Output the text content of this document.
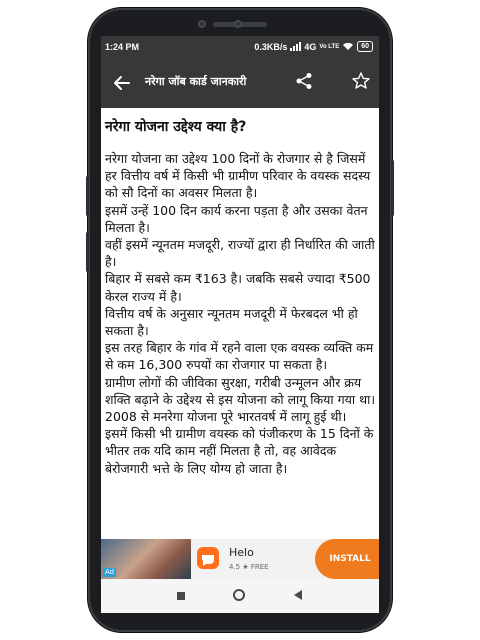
1:24 PM	0.3KB/s 4G Vo LTE	60
नरेगा जॉब कार्ड जानकारी
नरेगा योजना उद्देश्य क्या है?

नरेगा योजना का उद्देश्य 100 दिनों के रोजगार से है जिसमें हर वित्तीय वर्ष में किसी भी ग्रामीण परिवार के वयस्क सदस्य को सौ दिनों का अवसर मिलता है।

इसमें उन्हें 100 दिन कार्य करना पड़ता है और उसका वेतन मिलता है।

वहीं इसमें न्यूनतम मजदूरी, राज्यों द्वारा ही निर्धारित की जाती है।

बिहार में सबसे कम ₹163 है। जबकि सबसे ज्यादा ₹500 केरल राज्य में है।

वित्तीय वर्ष के अनुसार न्यूनतम मजदूरी में फेरबदल भी हो सकता है।

इस तरह बिहार के गांव में रहने वाला एक वयस्क व्यक्ति कम से कम 16,300 रुपयों का रोजगार पा सकता है।

ग्रामीण लोगों की जीविका सुरक्षा, गरीबी उन्मूलन और क्रय शक्ति बढ़ाने के उद्देश्य से इस योजना को लागू किया गया था।

2008 से मनरेगा योजना पूरे भारतवर्ष में लागू हुई थी।

इसमें किसी भी ग्रामीण वयस्क को पंजीकरण के 15 दिनों के भीतर तक यदि काम नहीं मिलता है तो, वह आवेदक बेरोजगारी भत्ते के लिए योग्य हो जाता है।

Ad
Helo
4.5 ★ FREE
INSTALL
